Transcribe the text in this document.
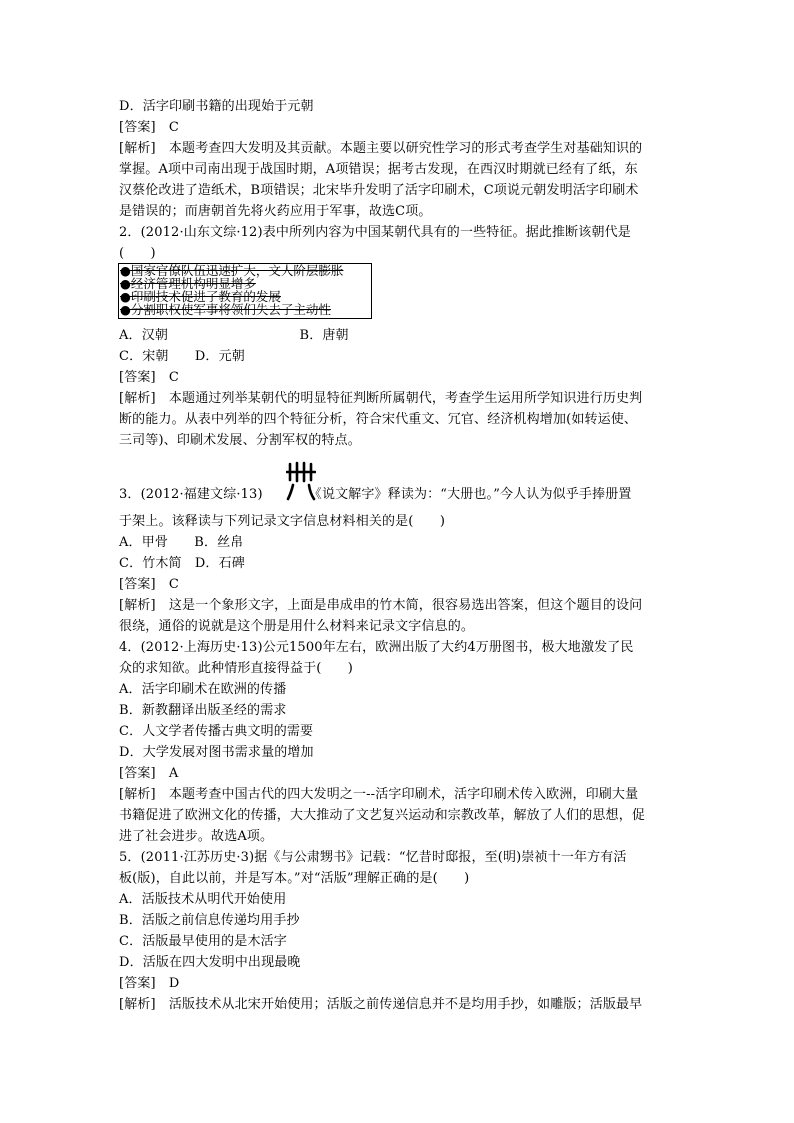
D．活字印刷书籍的出现始于元朝
[答案]　C
[解析]　本题考查四大发明及其贡献。本题主要以研究性学习的形式考查学生对基础知识的
掌握。A项中司南出现于战国时期，A项错误；据考古发现，在西汉时期就已经有了纸，东
汉蔡伦改进了造纸术，B项错误；北宋毕升发明了活字印刷术，C项说元朝发明活字印刷术
是错误的；而唐朝首先将火药应用于军事，故选C项。
2．(2012·山东文综·12)表中所列内容为中国某朝代具有的一些特征。据此推断该朝代是
(　　)
●国家官僚队伍迅速扩大，文人阶层膨胀
●经济管理机构明显增多
●印刷技术促进了教育的发展
●分割职权使军事将领们失去了主动性
A．汉朝　　　　　　　　　　B．唐朝
C．宋朝　　D．元朝
[答案]　C
[解析]　本题通过列举某朝代的明显特征判断所属朝代，考查学生运用所学知识进行历史判
断的能力。从表中列举的四个特征分析，符合宋代重文、冗官、经济机构增加(如转运使、
三司等)、印刷术发展、分割军权的特点。
3．(2012·福建文综·13)　　　　《说文解字》释读为：“大册也。”今人认为似乎手捧册置
于架上。该释读与下列记录文字信息材料相关的是(　　)
A．甲骨　　B．丝帛
C．竹木简　D．石碑
[答案]　C
[解析]　这是一个象形文字，上面是串成串的竹木简，很容易选出答案，但这个题目的设问
很绕，通俗的说就是这个册是用什么材料来记录文字信息的。
4．(2012·上海历史·13)公元1500年左右，欧洲出版了大约4万册图书，极大地激发了民
众的求知欲。此种情形直接得益于(　　)
A．活字印刷术在欧洲的传播
B．新教翻译出版圣经的需求
C．人文学者传播古典文明的需要
D．大学发展对图书需求量的增加
[答案]　A
[解析]　本题考查中国古代的四大发明之一--活字印刷术，活字印刷术传入欧洲，印刷大量
书籍促进了欧洲文化的传播，大大推动了文艺复兴运动和宗教改革，解放了人们的思想，促
进了社会进步。故选A项。
5．(2011·江苏历史·3)据《与公肃甥书》记载：“忆昔时邸报，至(明)崇祯十一年方有活
板(版)，自此以前，并是写本。”对“活版”理解正确的是(　　)
A．活版技术从明代开始使用
B．活版之前信息传递均用手抄
C．活版最早使用的是木活字
D．活版在四大发明中出现最晚
[答案]　D
[解析]　活版技术从北宋开始使用；活版之前传递信息并不是均用手抄，如雕版；活版最早
